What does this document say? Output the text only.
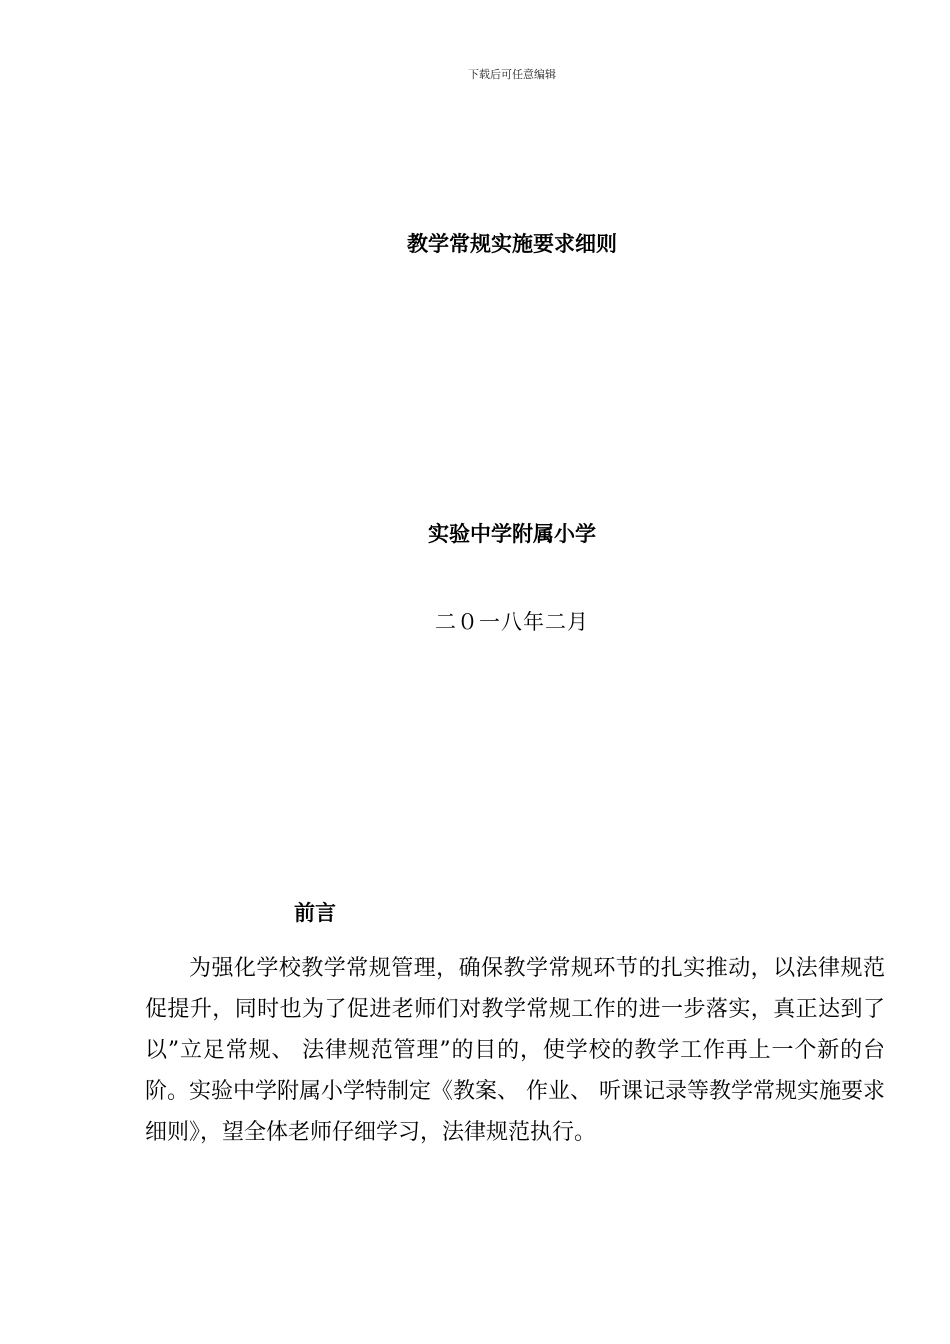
下载后可任意编辑
教学常规实施要求细则
实验中学附属小学
二０一八年二月
前言

为强化学校教学常规管理，确保教学常规环节的扎实推动，以法律规范促提升，同时也为了促进老师们对教学常规工作的进一步落实，真正达到了以”立足常规、 法律规范管理”的目的，使学校的教学工作再上一个新的台阶。实验中学附属小学特制定《教案、 作业、 听课记录等教学常规实施要求细则》，望全体老师仔细学习，法律规范执行。
